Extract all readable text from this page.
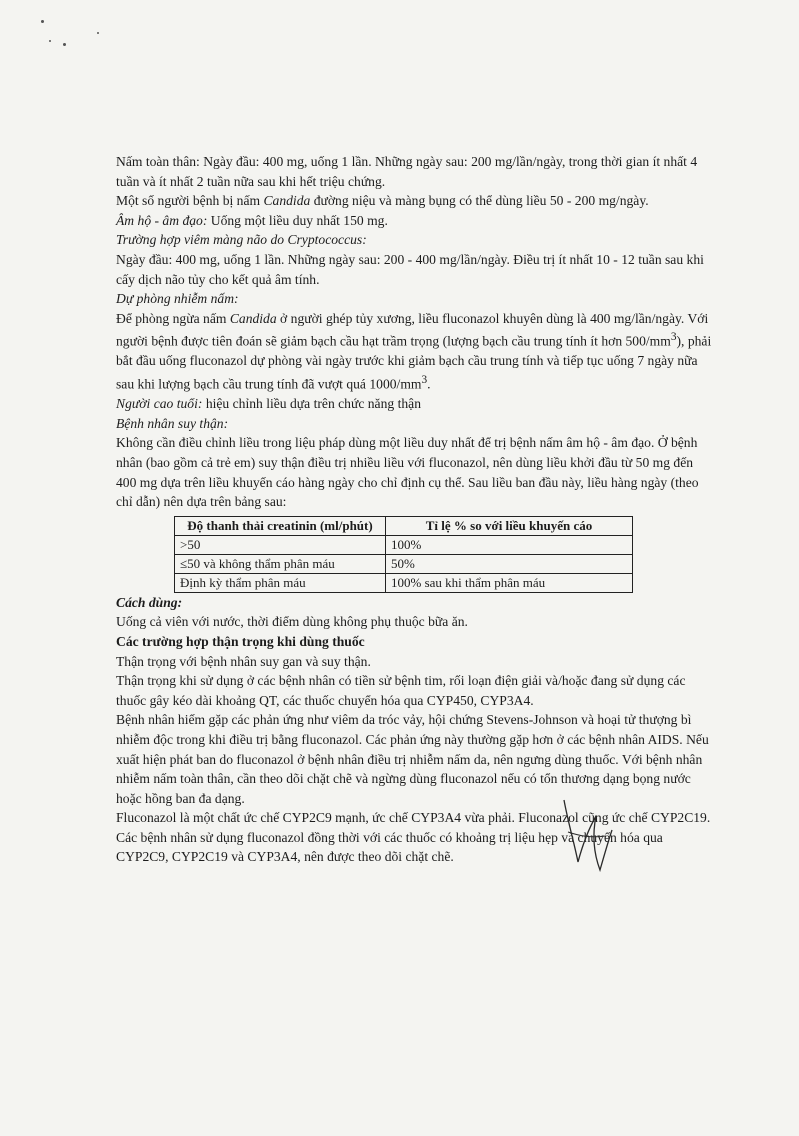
Nấm toàn thân: Ngày đầu: 400 mg, uống 1 lần. Những ngày sau: 200 mg/lần/ngày, trong thời gian ít nhất 4 tuần và ít nhất 2 tuần nữa sau khi hết triệu chứng.

Một số người bệnh bị nấm Candida đường niệu và màng bụng có thể dùng liều 50 - 200 mg/ngày.

Âm hộ - âm đạo: Uống một liều duy nhất 150 mg.

Trường hợp viêm màng não do Cryptococcus:

Ngày đầu: 400 mg, uống 1 lần. Những ngày sau: 200 - 400 mg/lần/ngày. Điều trị ít nhất 10 - 12 tuần sau khi cấy dịch não tủy cho kết quả âm tính.

Dự phòng nhiễm nấm:

Để phòng ngừa nấm Candida ở người ghép tủy xương, liều fluconazol khuyên dùng là 400 mg/lần/ngày. Với người bệnh được tiên đoán sẽ giảm bạch cầu hạt trầm trọng (lượng bạch cầu trung tính ít hơn $500/mm^3$), phải bắt đầu uống fluconazol dự phòng vài ngày trước khi giảm bạch cầu trung tính và tiếp tục uống 7 ngày nữa sau khi lượng bạch cầu trung tính đã vượt quá $1000/mm^3$.

Người cao tuổi: hiệu chỉnh liều dựa trên chức năng thận

Bệnh nhân suy thận:

Không cần điều chỉnh liều trong liệu pháp dùng một liều duy nhất để trị bệnh nấm âm hộ - âm đạo. Ở bệnh nhân (bao gồm cả trẻ em) suy thận điều trị nhiều liều với fluconazol, nên dùng liều khởi đầu từ 50 mg đến 400 mg dựa trên liều khuyến cáo hàng ngày cho chỉ định cụ thể. Sau liều ban đầu này, liều hàng ngày (theo chỉ dẫn) nên dựa trên bảng sau:

Độ thanh thải creatinin (ml/phút)	Tỉ lệ % so với liều khuyến cáo
>50	100%
≤50 và không thẩm phân máu	50%
Định kỳ thẩm phân máu	100% sau khi thẩm phân máu

Cách dùng:

Uống cả viên với nước, thời điểm dùng không phụ thuộc bữa ăn.

Các trường hợp thận trọng khi dùng thuốc

Thận trọng với bệnh nhân suy gan và suy thận.

Thận trọng khi sử dụng ở các bệnh nhân có tiền sử bệnh tim, rối loạn điện giải và/hoặc đang sử dụng các thuốc gây kéo dài khoảng QT, các thuốc chuyển hóa qua CYP450, CYP3A4.

Bệnh nhân hiếm gặp các phản ứng như viêm da tróc vảy, hội chứng Stevens-Johnson và hoại tử thượng bì nhiễm độc trong khi điều trị bằng fluconazol. Các phản ứng này thường gặp hơn ở các bệnh nhân AIDS. Nếu xuất hiện phát ban do fluconazol ở bệnh nhân điều trị nhiễm nấm da, nên ngưng dùng thuốc. Với bệnh nhân nhiễm nấm toàn thân, cần theo dõi chặt chẽ và ngừng dùng fluconazol nếu có tổn thương dạng bọng nước hoặc hồng ban đa dạng.

Fluconazol là một chất ức chế CYP2C9 mạnh, ức chế CYP3A4 vừa phải. Fluconazol cũng ức chế CYP2C19. Các bệnh nhân sử dụng fluconazol đồng thời với các thuốc có khoảng trị liệu hẹp và chuyển hóa qua CYP2C9, CYP2C19 và CYP3A4, nên được theo dõi chặt chẽ.
